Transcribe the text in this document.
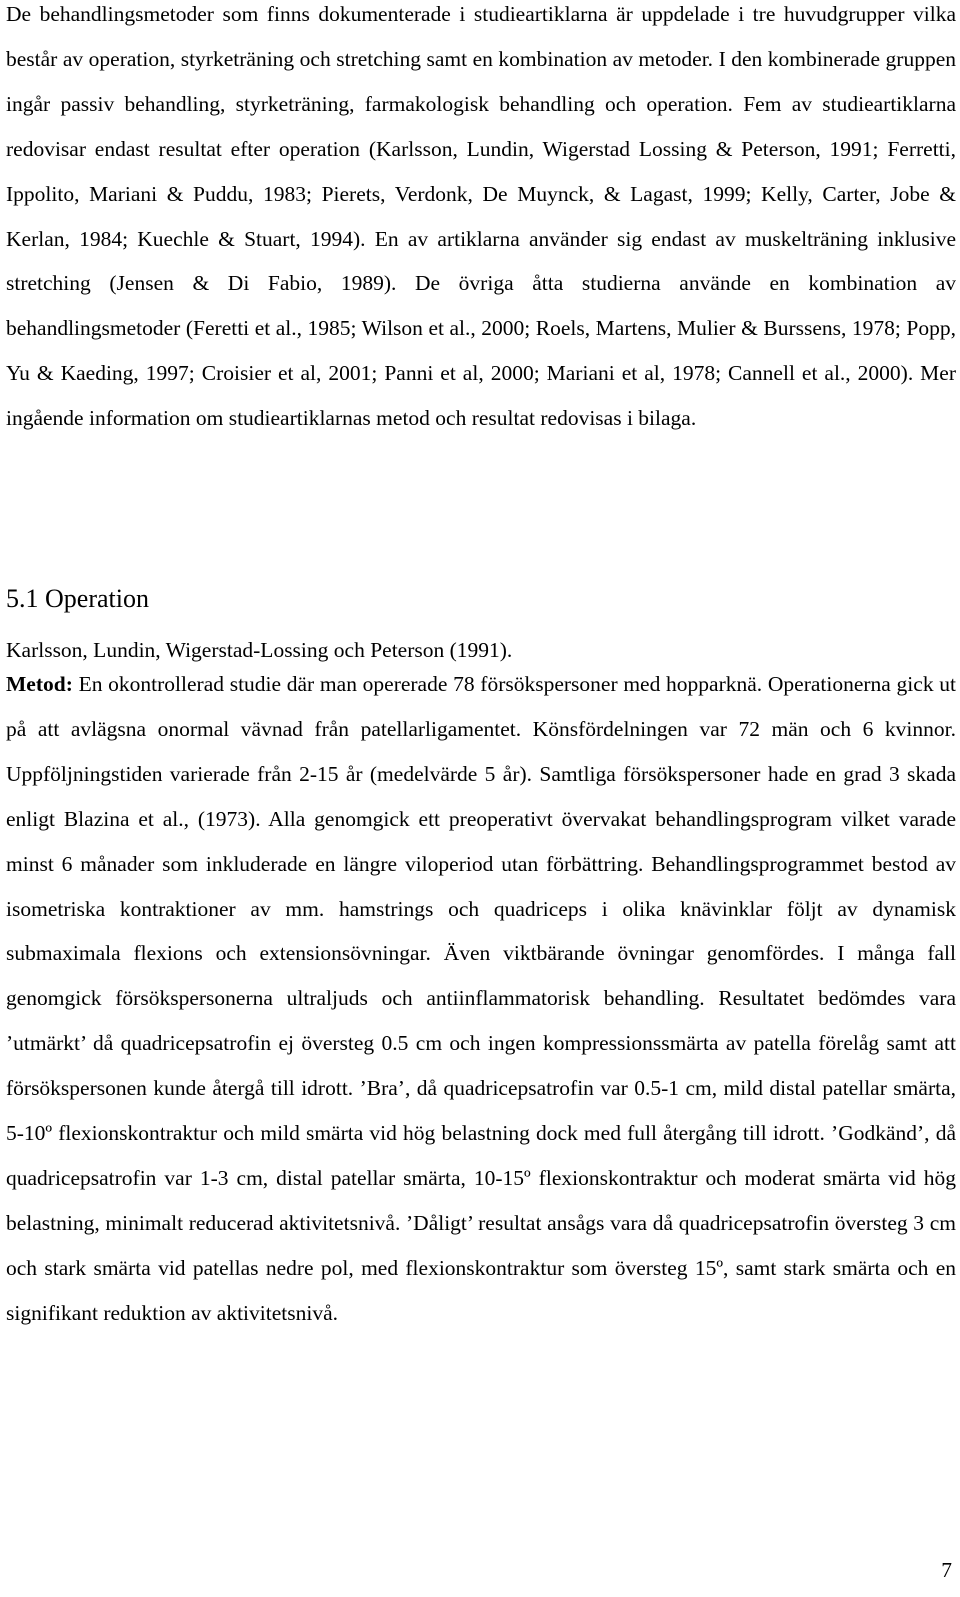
De behandlingsmetoder som finns dokumenterade i studieartiklarna är uppdelade i tre huvudgrupper vilka består av operation, styrketräning och stretching samt en kombination av metoder. I den kombinerade gruppen ingår passiv behandling, styrketräning, farmakologisk behandling och operation. Fem av studieartiklarna redovisar endast resultat efter operation (Karlsson, Lundin, Wigerstad Lossing & Peterson, 1991; Ferretti, Ippolito, Mariani & Puddu, 1983; Pierets, Verdonk, De Muynck, & Lagast, 1999; Kelly, Carter, Jobe & Kerlan, 1984; Kuechle & Stuart, 1994). En av artiklarna använder sig endast av muskelträning inklusive stretching (Jensen & Di Fabio, 1989). De övriga åtta studierna använde en kombination av behandlingsmetoder (Feretti et al., 1985; Wilson et al., 2000; Roels, Martens, Mulier & Burssens, 1978; Popp, Yu & Kaeding, 1997; Croisier et al, 2001; Panni et al, 2000; Mariani et al, 1978; Cannell et al., 2000). Mer ingående information om studieartiklarnas metod och resultat redovisas i bilaga.

5.1 Operation

Karlsson, Lundin, Wigerstad-Lossing och Peterson (1991).

Metod: En okontrollerad studie där man opererade 78 försökspersoner med hopparknä. Operationerna gick ut på att avlägsna onormal vävnad från patellarligamentet. Könsfördelningen var 72 män och 6 kvinnor. Uppföljningstiden varierade från 2-15 år (medelvärde 5 år). Samtliga försökspersoner hade en grad 3 skada enligt Blazina et al., (1973). Alla genomgick ett preoperativt övervakat behandlingsprogram vilket varade minst 6 månader som inkluderade en längre viloperiod utan förbättring. Behandlingsprogrammet bestod av isometriska kontraktioner av mm. hamstrings och quadriceps i olika knävinklar följt av dynamisk submaximala flexions och extensionsövningar. Även viktbärande övningar genomfördes. I många fall genomgick försökspersonerna ultraljuds och antiinflammatorisk behandling. Resultatet bedömdes vara ’utmärkt’ då quadricepsatrofin ej översteg 0.5 cm och ingen kompressionssmärta av patella förelåg samt att försökspersonen kunde återgå till idrott. ’Bra’, då quadricepsatrofin var 0.5-1 cm, mild distal patellar smärta, 5-10º flexionskontraktur och mild smärta vid hög belastning dock med full återgång till idrott. ’Godkänd’, då quadricepsatrofin var 1-3 cm, distal patellar smärta, 10-15º flexionskontraktur och moderat smärta vid hög belastning, minimalt reducerad aktivitetsnivå. ’Dåligt’ resultat ansågs vara då quadricepsatrofin översteg 3 cm och stark smärta vid patellas nedre pol, med flexionskontraktur som översteg 15º, samt stark smärta och en signifikant reduktion av aktivitetsnivå.

7
